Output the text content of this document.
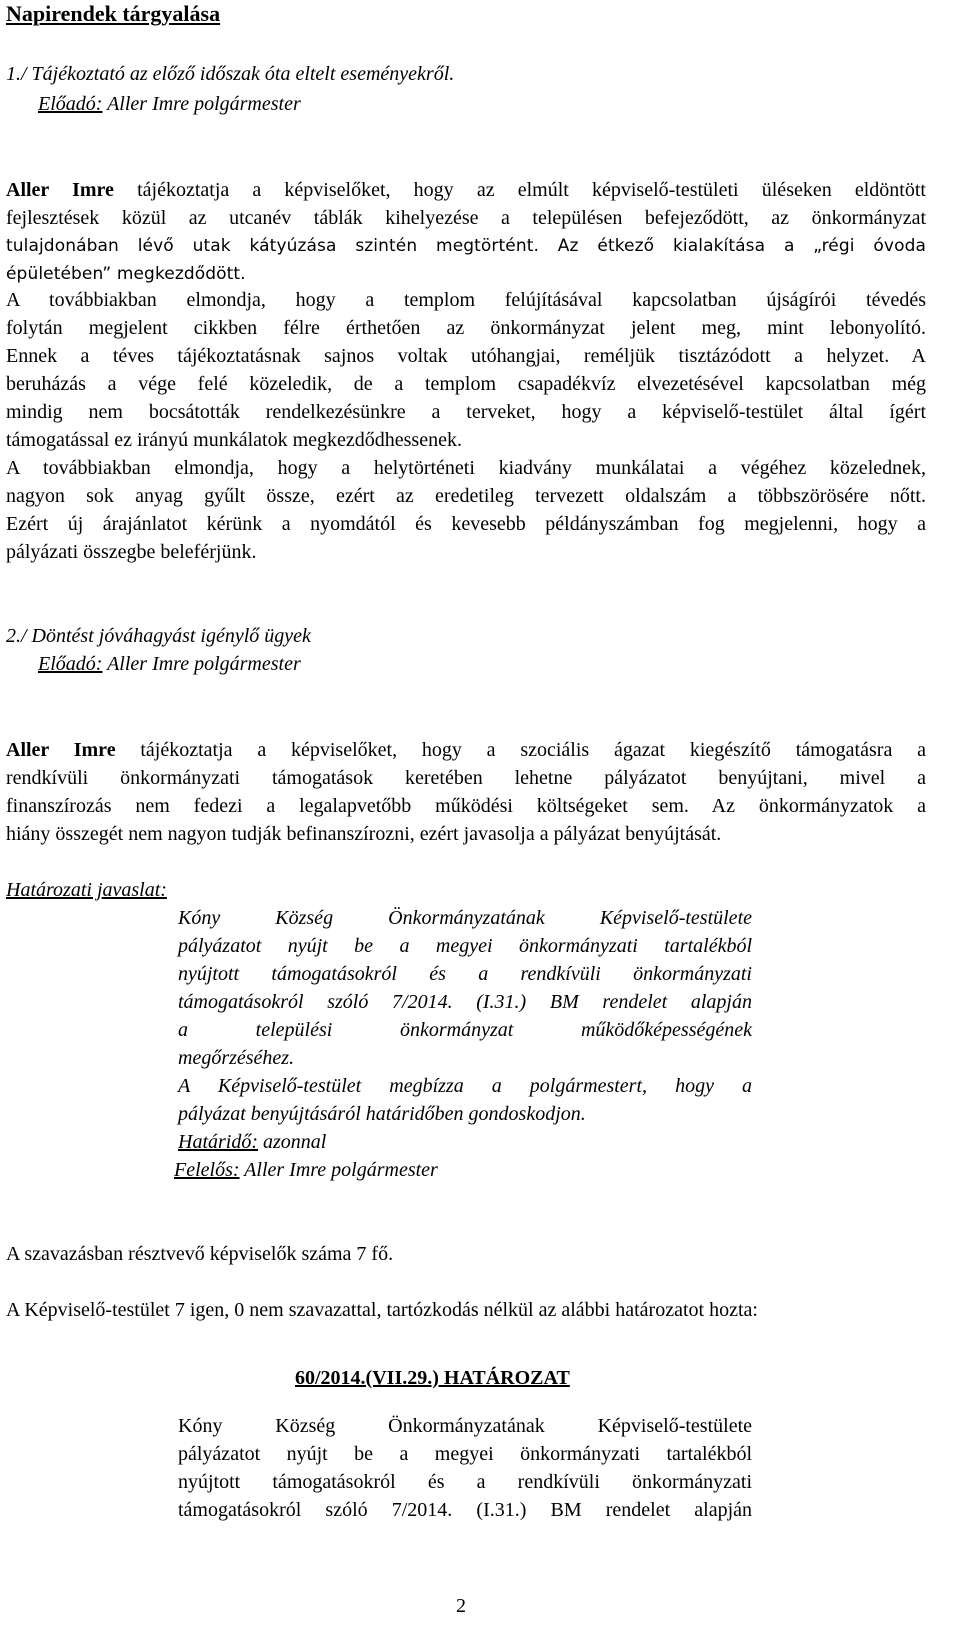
Napirendek tárgyalása
1./ Tájékoztató az előző időszak óta eltelt eseményekről.
Előadó: Aller Imre polgármester
Aller Imre tájékoztatja a képviselőket, hogy az elmúlt képviselő-testületi üléseken eldöntött
fejlesztések közül az utcanév táblák kihelyezése a településen befejeződött, az önkormányzat
tulajdonában lévő utak kátyúzása szintén megtörtént. Az étkező kialakítása a „régi óvoda
épületében” megkezdődött.
A továbbiakban elmondja, hogy a templom felújításával kapcsolatban újságírói tévedés
folytán megjelent cikkben félre érthetően az önkormányzat jelent meg, mint lebonyolító.
Ennek a téves tájékoztatásnak sajnos voltak utóhangjai, reméljük tisztázódott a helyzet. A
beruházás a vége felé közeledik, de a templom csapadékvíz elvezetésével kapcsolatban még
mindig nem bocsátották rendelkezésünkre a terveket, hogy a képviselő-testület által ígért
támogatással ez irányú munkálatok megkezdődhessenek.
A továbbiakban elmondja, hogy a helytörténeti kiadvány munkálatai a végéhez közelednek,
nagyon sok anyag gyűlt össze, ezért az eredetileg tervezett oldalszám a többszörösére nőtt.
Ezért új árajánlatot kérünk a nyomdától és kevesebb példányszámban fog megjelenni, hogy a
pályázati összegbe beleférjünk.
2./ Döntést jóváhagyást igénylő ügyek
Előadó: Aller Imre polgármester
Aller Imre tájékoztatja a képviselőket, hogy a szociális ágazat kiegészítő támogatásra a
rendkívüli önkormányzati támogatások keretében lehetne pályázatot benyújtani, mivel a
finanszírozás nem fedezi a legalapvetőbb működési költségeket sem. Az önkormányzatok a
hiány összegét nem nagyon tudják befinanszírozni, ezért javasolja a pályázat benyújtását.
Határozati javaslat:
Kóny Község Önkormányzatának Képviselő-testülete
pályázatot nyújt be a megyei önkormányzati tartalékból
nyújtott támogatásokról és a rendkívüli önkormányzati
támogatásokról szóló 7/2014. (I.31.) BM rendelet alapján
a települési önkormányzat működőképességének
megőrzéséhez.
A Képviselő-testület megbízza a polgármestert, hogy a
pályázat benyújtásáról határidőben gondoskodjon.
Határidő: azonnal
Felelős: Aller Imre polgármester
A szavazásban résztvevő képviselők száma 7 fő.
A Képviselő-testület 7 igen, 0 nem szavazattal, tartózkodás nélkül az alábbi határozatot hozta:
60/2014.(VII.29.) HATÁROZAT
Kóny Község Önkormányzatának Képviselő-testülete
pályázatot nyújt be a megyei önkormányzati tartalékból
nyújtott támogatásokról és a rendkívüli önkormányzati
támogatásokról szóló 7/2014. (I.31.) BM rendelet alapján
2
